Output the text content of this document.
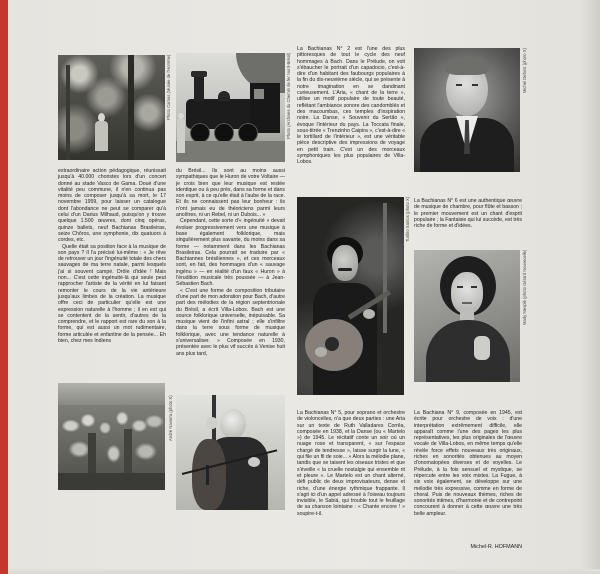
Photo Camus (Musée de l'Homme)	Photo (Archives du Chemin de fer Nord-Brésil)

La Bachianas N° 2 est l'une des plus pittoresques de tout le cycle des neuf hommages à Bach. Dans le Prélude, on voit s'ébaucher le portrait d'un capadocio, c'est-à-dire d'un habitant des faubourgs populaires à la fin du dix-neuvième siècle, qui se présente à notre imagination en se dandinant curieusement. L'Aria, « chant de la terre », utilise un motif populaire de toute beauté, reflétant l'ambiance sonore des candomblés et des macoumbas, ces temples d'inspiration noire. La Danse, « Souvenir du Sertão », évoque l'intérieur du pays. La Toccata finale, sous-titrée « Trenzinho Caipira », c'est-à-dire « le tortillard de l'intérieur », est une véritable pièce descriptive des impressions de voyage en petit train. C'est un des morceaux symphoniques les plus populaires de Villa-Lobos.

Michel Debost (photo X)

La Bachianas N° 6 est une authentique œuvre de musique de chambre, pour flûte et basson ; le premier mouvement est un chant d'esprit populaire ; la Fantaisie qui lui succède, est très riche de forme et d'idées.

extraordinaire action pédagogique, réunissait jusqu'à 40.000 choristes lors d'un concert donné au stade Vasco de Gama. Doué d'une vitalité peu commune, il n'en continua pas moins de composer jusqu'à sa mort, le 17 novembre 1959, pour laisser un catalogue dont l'abondance ne peut se comparer qu'à celui d'un Darius Milhaud, puisqu'on y trouve quelque 1.500 œuvres, dont cinq opéras, quinze ballets, neuf Bachianas Brasileiras, seize Chôros, une symphonie, dix quatuors à cordes, etc.

Quelle était sa position face à la musique de son pays ? Il l'a précisé lui-même : « Je rêve de retrouver un jour l'ingénuité totale des chers sauvages de ma terre natale, parmi lesquels j'ai si souvent campé. Drôle d'idée ! Mais non... C'est cette ingénuité-là qui seule peut rapprocher l'artiste de la vérité en lui faisant remonter le cours de la vie antérieure jusqu'aux limbes de la création. La musique offre ceci de particulier qu'elle est une expression naturelle à l'homme ; il en est qui se contentent de la sentir, d'autres de la comprendre, et le rapport est rare du son à la forme, qui est aussi un mot rudimentaire, forme articulée et enfantine de la pensée... Eh bien, chez mes Indiens

du Brésil... Ils sont au moins aussi sympathiques que le Huron de votre Voltaire — je crois bien que leur musique est restée identique ou à peu près, dans sa forme et dans son esprit, à ce qu'elle était à l'aube de la race. Et ils ne connaissent pas leur bonheur : ils n'ont jamais eu de théoriciens parmi leurs ancêtres, ni un Rebel, ni un Dubois... »

Cependant, cette sorte d'« ingénuité » devait évoluer progressivement vers une musique à base également folklorique, mais singulièrement plus savante, du moins dans sa forme — notamment dans les Bachianas Brasileiras. Cela pourrait se traduire par « Bachiannes brésiliennes », et ces morceaux sont, en fait, des hommages d'un « sauvage ingénu » — en réalité d'un faux « Huron » à l'érudition musicale très poussée — à Jean-Sébastien Bach.

« C'est une forme de composition tributaire d'une part de mon adoration pour Bach, d'autre part des mélodies de la région septentrionale du Brésil, a écrit Villa-Lobos. Bach est une source folklorique universelle, inépuisable. Sa musique vient de l'infini astral ; elle s'infiltre dans la terre sous forme de musique folklorique, avec une tendance naturelle à s'universaliser. » Composée en 1930, présentée avec le plus vif succès à Venise huit ans plus tard,

Turibio Santos (photo X)
Mady Mesplé (photo Gérard Neuvecelle)
André Navarra (photo X)	La Bachianas N° 5, pour soprano et orchestre de violoncelles, n'a que deux parties : une Aria sur un texte de Ruth Valladares Corrêa, composée en 1938, et la Danse (ou « Martelo ») de 1945. Le récitatif conte un soir où un nuage rose et transparent, « sur l'espace chargé de tendresse », laisse surgir la lune, « qui file un fil de soie... » Alors la mélodie plane, tandis que se taisent les oiseaux tristes et que s'éveille « la cruelle nostalgie qui ensemble rit et pleure ». Le Martelo est un chant alterné, défi public de deux improvisateurs, dense et riche, d'une énergie rythmique frappante. Il s'agit ici d'un appel adressé à l'oiseau toujours invisible, le Sabiá, qui trouble tout le feuillage de sa chanson lointaine : « Chante encore ! » soupire-t-il.

La Bachiana N° 9, composée en 1945, est écrite pour orchestre de voix : d'une interprétation extrêmement difficile, elle apparaît comme l'une des pages les plus représentatives, les plus originales de l'œuvre vocale de Villa-Lobos, en même temps qu'elle révèle force effets nouveaux très originaux, riches en sonorités obtenues au moyen d'onomatopées diverses et de voyelles. Le Prélude, à la fois sensuel et mystique, se répercute entre les voix mixtes. La Fugue, à six voix également, se développe sur une mélodie très expressive, comme en forme de choral. Puis de nouveaux thèmes, riches de sonorités intimes, d'harmonie et de contrepoint concourent à donner à cette œuvre une très belle ampleur.

Michel-R. HOFMANN
